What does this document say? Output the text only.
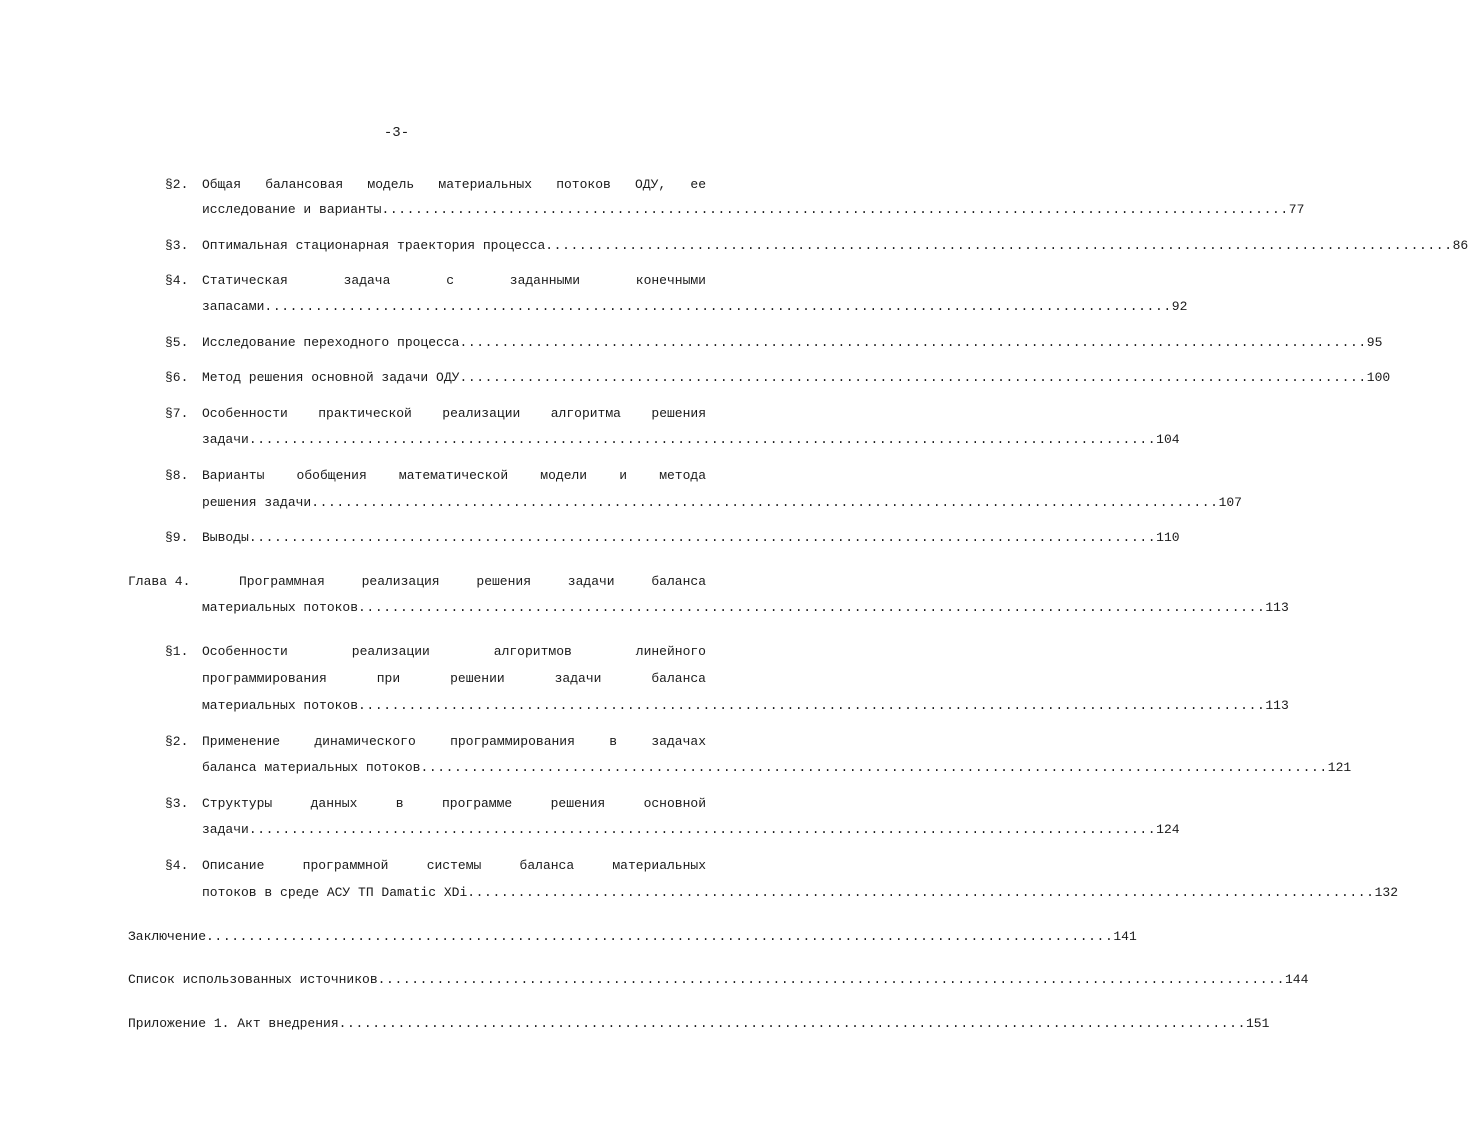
-3-
§2. Общая балансовая модель материальных потоков ОДУ, ее
исследование и варианты ............................................................................................................ 77
§3. Оптимальная стационарная траектория процесса ............................................................................................................ 86
§4. Статическая задача с заданными конечными
запасами ............................................................................................................ 92
§5. Исследование переходного процесса ............................................................................................................ 95
§6. Метод решения основной задачи ОДУ ............................................................................................................ 100
§7. Особенности практической реализации алгоритма решения
задачи ............................................................................................................ 104
§8. Варианты обобщения математической модели и метода
решения задачи ............................................................................................................ 107
§9. Выводы ............................................................................................................ 110
Глава 4.	Программная реализация решения задачи баланса
материальных потоков ............................................................................................................ 113
§1. Особенности реализации алгоритмов линейного
программирования при решении задачи баланса
материальных потоков ............................................................................................................ 113
§2. Применение динамического программирования в задачах
баланса материальных потоков ............................................................................................................ 121
§3. Структуры данных в программе решения основной
задачи ............................................................................................................ 124
§4. Описание программной системы баланса материальных
потоков в среде АСУ ТП Damatic XDi ............................................................................................................ 132
Заключение ............................................................................................................ 141
Список использованных источников ............................................................................................................ 144
Приложение 1. Акт внедрения ............................................................................................................ 151
